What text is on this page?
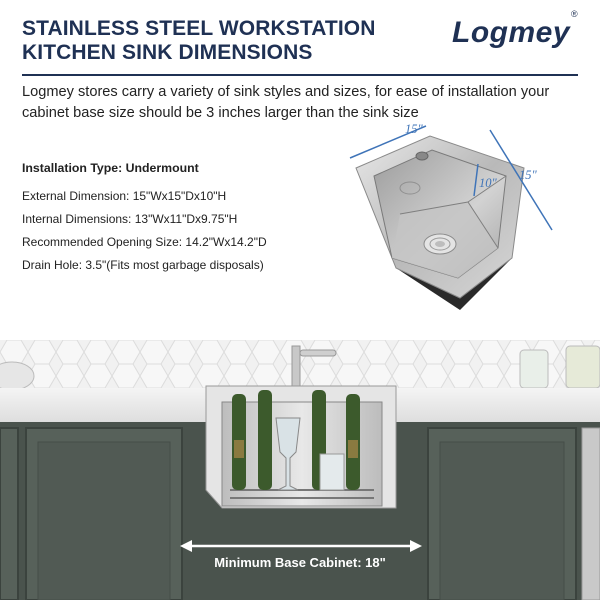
STAINLESS STEEL WORKSTATION
KITCHEN SINK DIMENSIONS
Logmey®
Logmey stores carry a variety of sink styles and sizes, for ease of installation your cabinet base size should be 3 inches larger than the sink size
Installation Type: Undermount
External Dimension: 15"Wx15"Dx10"H
Internal Dimensions: 13"Wx11"Dx9.75"H
Recommended Opening Size: 14.2"Wx14.2"D
Drain Hole: 3.5"(Fits most garbage disposals)
15"
15"
10"
Minimum Base Cabinet: 18"
